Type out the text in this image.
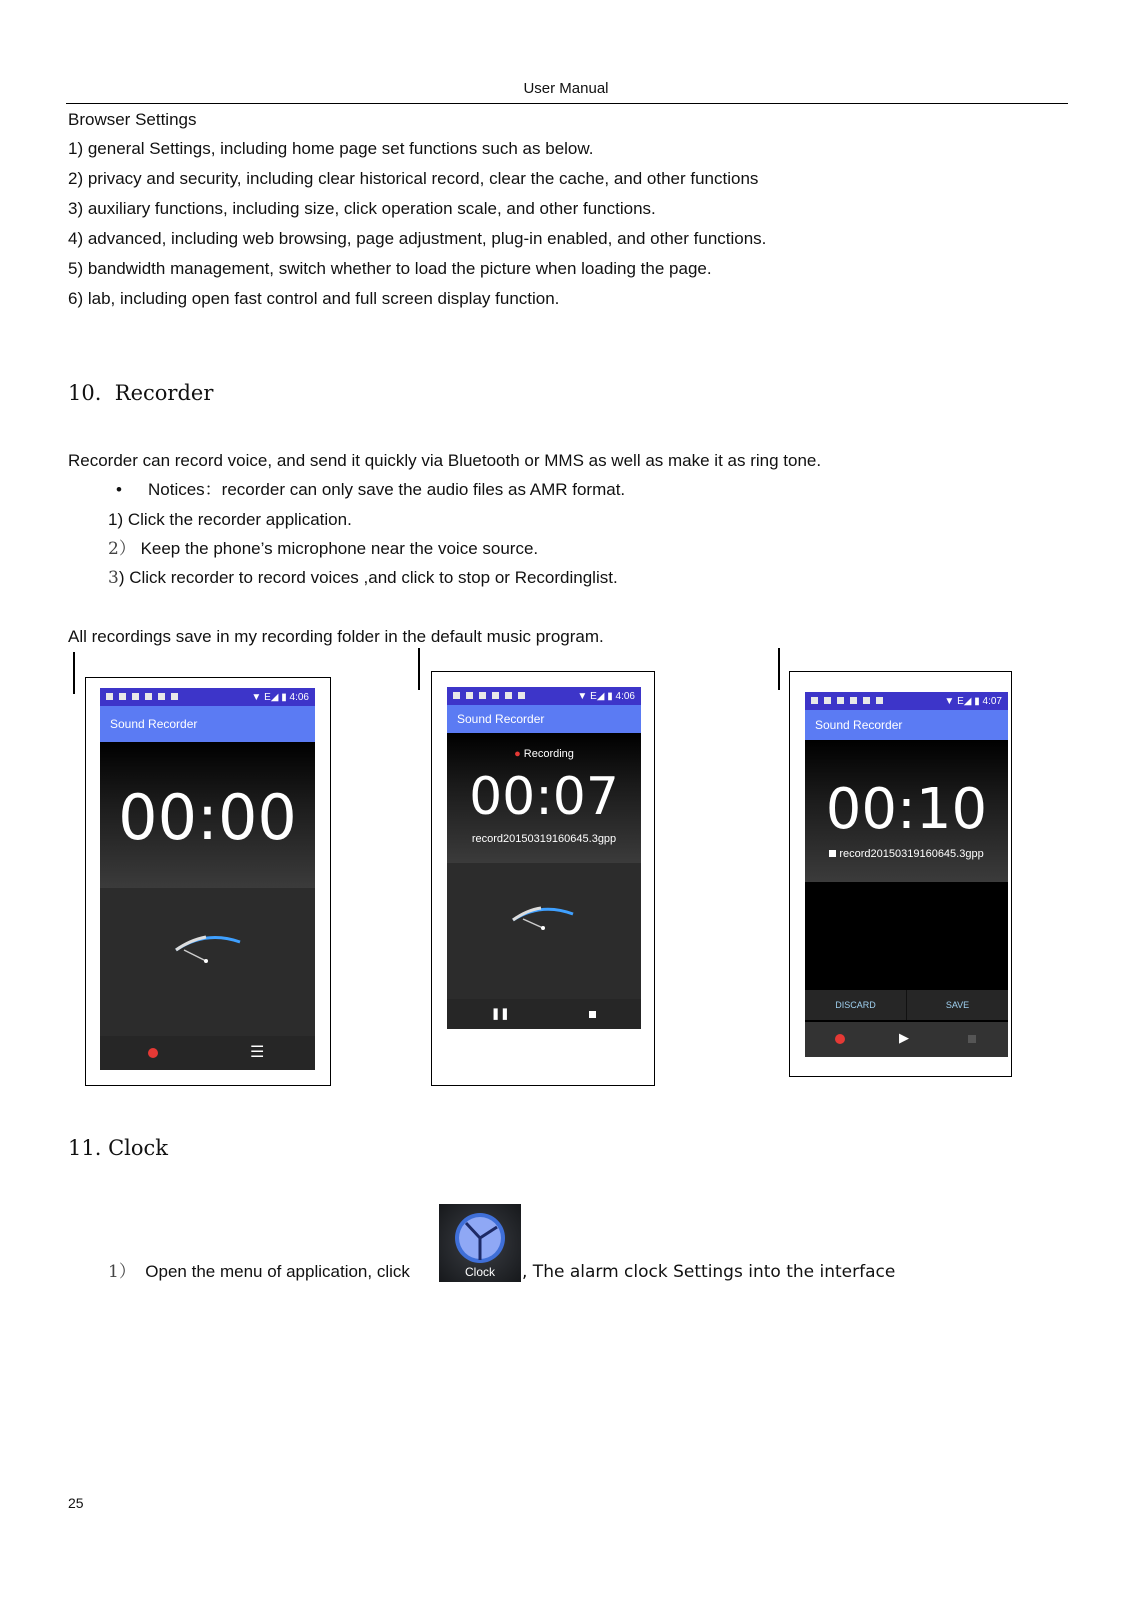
User Manual
Browser Settings
1) general Settings, including home page set functions such as below.
2) privacy and security, including clear historical record, clear the cache, and other functions
3) auxiliary functions, including size, click operation scale, and other functions.
4) advanced, including web browsing, page adjustment, plug-in enabled, and other functions.
5) bandwidth management, switch whether to load the picture when loading the page.
6) lab, including open fast control and full screen display function.
10. Recorder
Recorder can record voice, and send it quickly via Bluetooth or MMS as well as make it as ring tone.
• Notices：recorder can only save the audio files as AMR format.
1) Click the recorder application.
2） Keep the phone’s microphone near the voice source.
3) Click recorder to record voices ,and click to stop or Recordinglist.
All recordings save in my recording folder in the default music program.
▼ E◢ ▮
4:06
Sound Recorder
00:00
☰
▼ E◢ ▮
4:06
Sound Recorder
● Recording
00:07
record20150319160645.3gpp
❚❚
▼ E◢ ▮
4:07
Sound Recorder
00:10
record20150319160645.3gpp
DISCARD	SAVE
▶
11. Clock
1） Open the menu of application, click	Clock	, The alarm clock Settings into the interface
25
